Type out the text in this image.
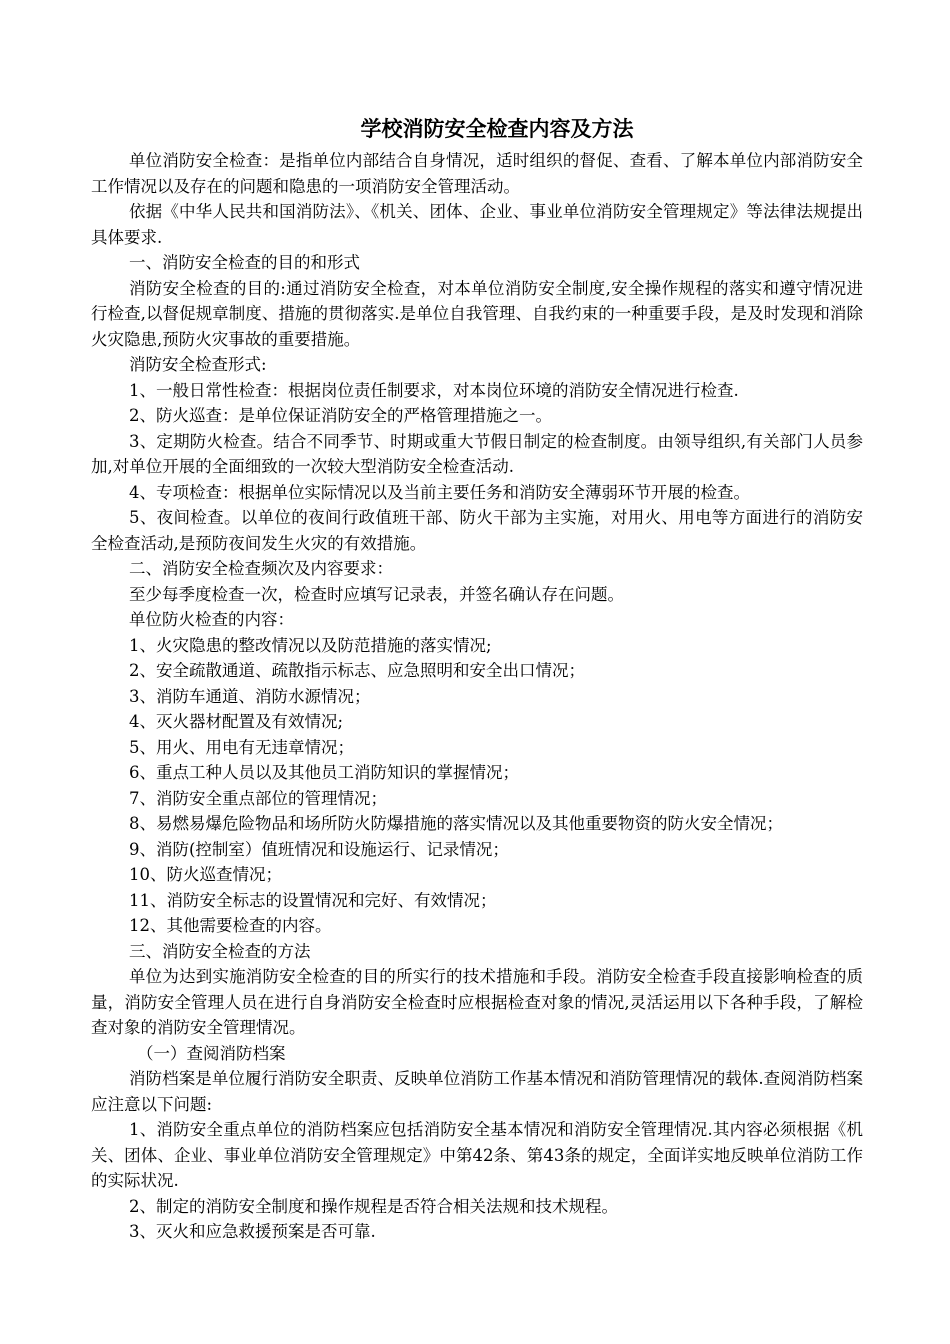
学校消防安全检查内容及方法

单位消防安全检查：是指单位内部结合自身情况，适时组织的督促、查看、了解本单位内部消防安全工作情况以及存在的问题和隐患的一项消防安全管理活动。

依据《中华人民共和国消防法》、《机关、团体、企业、事业单位消防安全管理规定》等法律法规提出具体要求.

一、消防安全检查的目的和形式

消防安全检查的目的:通过消防安全检查，对本单位消防安全制度,安全操作规程的落实和遵守情况进行检查,以督促规章制度、措施的贯彻落实.是单位自我管理、自我约束的一种重要手段，是及时发现和消除火灾隐患,预防火灾事故的重要措施。

消防安全检查形式:

1、一般日常性检查：根据岗位责任制要求，对本岗位环境的消防安全情况进行检查.

2、防火巡查：是单位保证消防安全的严格管理措施之一。

3、定期防火检查。结合不同季节、时期或重大节假日制定的检查制度。由领导组织,有关部门人员参加,对单位开展的全面细致的一次较大型消防安全检查活动.

4、专项检查：根据单位实际情况以及当前主要任务和消防安全薄弱环节开展的检查。

5、夜间检查。以单位的夜间行政值班干部、防火干部为主实施，对用火、用电等方面进行的消防安全检查活动,是预防夜间发生火灾的有效措施。

二、消防安全检查频次及内容要求：

至少每季度检查一次，检查时应填写记录表，并签名确认存在问题。

单位防火检查的内容：

1、火灾隐患的整改情况以及防范措施的落实情况;

2、安全疏散通道、疏散指示标志、应急照明和安全出口情况；

3、消防车通道、消防水源情况；

4、灭火器材配置及有效情况;

5、用火、用电有无违章情况；

6、重点工种人员以及其他员工消防知识的掌握情况；

7、消防安全重点部位的管理情况；

8、易燃易爆危险物品和场所防火防爆措施的落实情况以及其他重要物资的防火安全情况；

9、消防(控制室）值班情况和设施运行、记录情况；

10、防火巡查情况；

11、消防安全标志的设置情况和完好、有效情况；

12、其他需要检查的内容。

三、消防安全检查的方法

单位为达到实施消防安全检查的目的所实行的技术措施和手段。消防安全检查手段直接影响检查的质量，消防安全管理人员在进行自身消防安全检查时应根据检查对象的情况,灵活运用以下各种手段，了解检查对象的消防安全管理情况。

（一）查阅消防档案

消防档案是单位履行消防安全职责、反映单位消防工作基本情况和消防管理情况的载体.查阅消防档案应注意以下问题:

1、消防安全重点单位的消防档案应包括消防安全基本情况和消防安全管理情况.其内容必须根据《机关、团体、企业、事业单位消防安全管理规定》中第42条、第43条的规定，全面详实地反映单位消防工作的实际状况.

2、制定的消防安全制度和操作规程是否符合相关法规和技术规程。

3、灭火和应急救援预案是否可靠.
